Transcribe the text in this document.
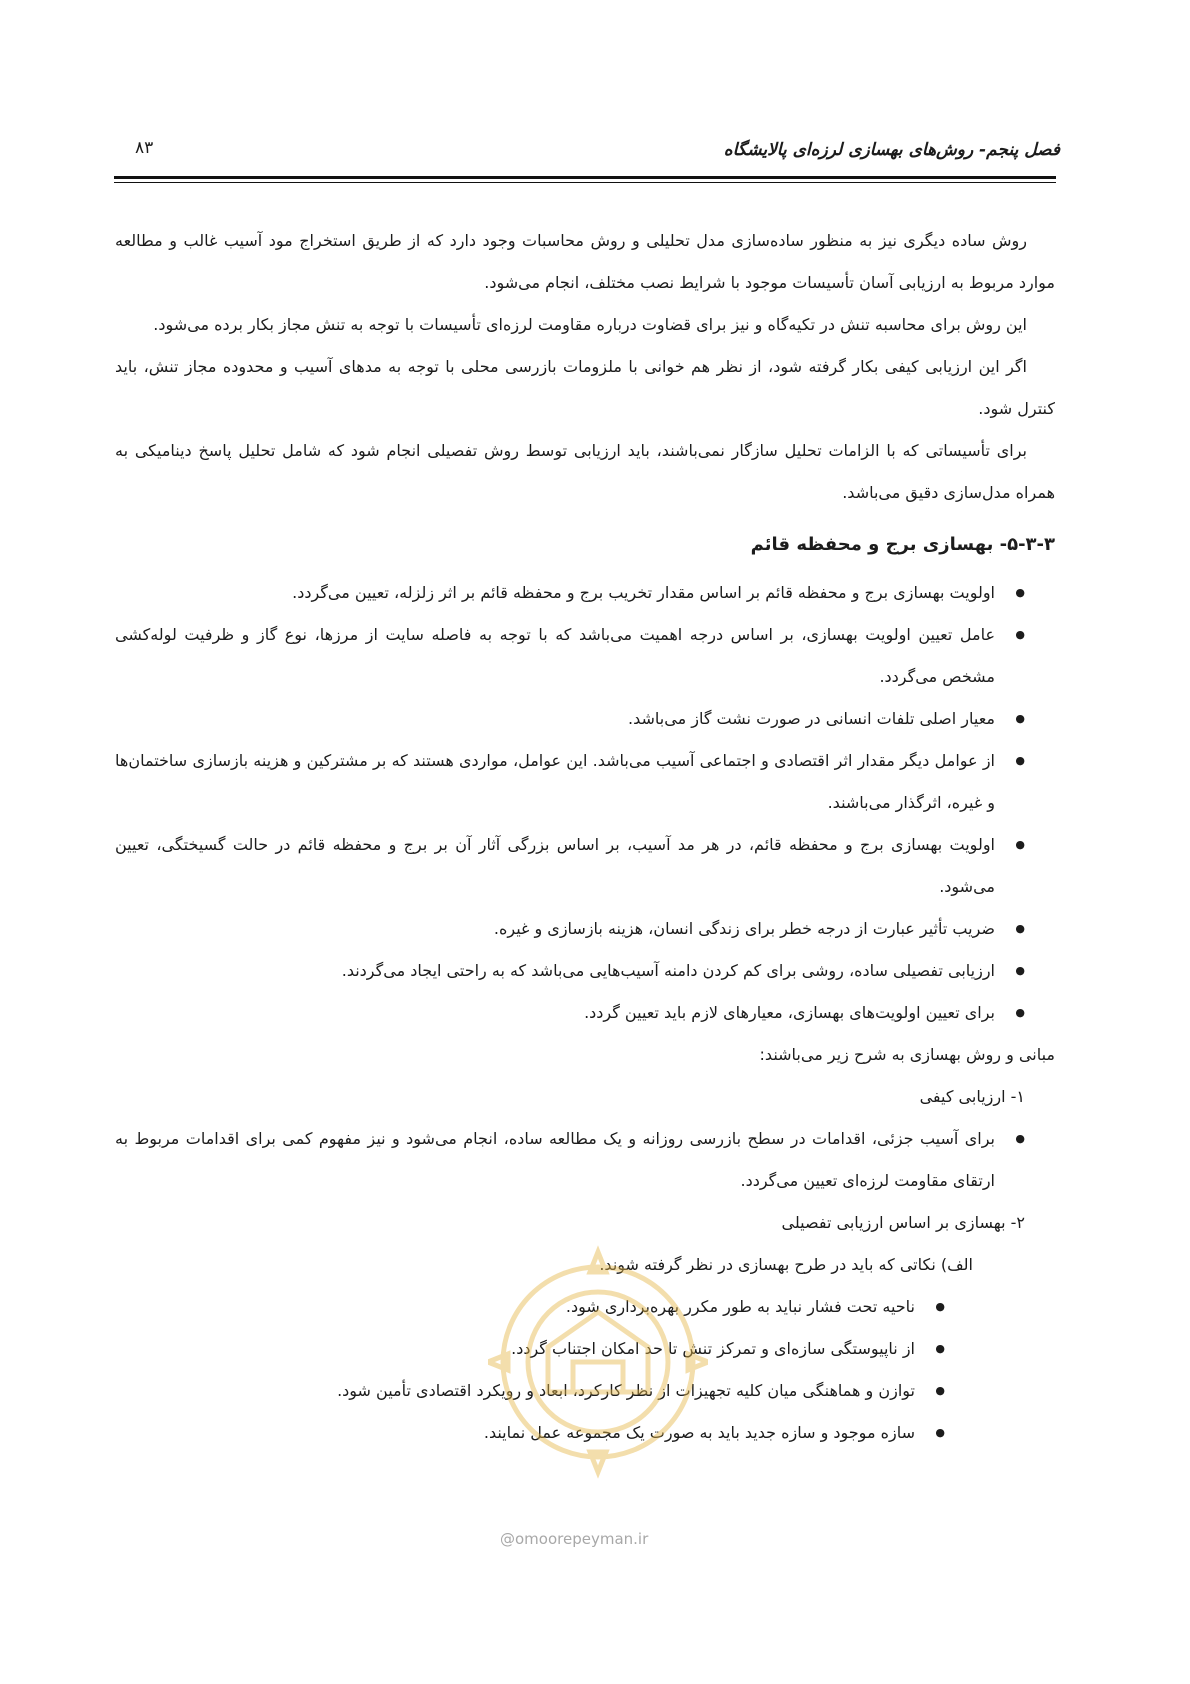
فصل پنجم- روش‌های بهسازی لرزه‌ای پالایشگاه
۸۳

روش ساده دیگری نیز به منظور ساده‌سازی مدل تحلیلی و روش محاسبات وجود دارد که از طریق استخراج مود آسیب غالب و مطالعه موارد مربوط به ارزیابی آسان تأسیسات موجود با شرایط نصب مختلف، انجام می‌شود.

این روش برای محاسبه تنش در تکیه‌گاه و نیز برای قضاوت درباره مقاومت لرزه‌ای تأسیسات با توجه به تنش مجاز بکار برده می‌شود.

اگر این ارزیابی کیفی بکار گرفته شود، از نظر هم خوانی با ملزومات بازرسی محلی با توجه به مدهای آسیب و محدوده مجاز تنش، باید کنترل شود.

برای تأسیساتی که با الزامات تحلیل سازگار نمی‌باشند، باید ارزیابی توسط روش تفصیلی انجام شود که شامل تحلیل پاسخ دینامیکی به همراه مدل‌سازی دقیق می‌باشد.

۵-۳-۳- بهسازی برج و محفظه قائم
● اولویت بهسازی برج و محفظه قائم بر اساس مقدار تخریب برج و محفظه قائم بر اثر زلزله، تعیین می‌گردد.
● عامل تعیین اولویت بهسازی، بر اساس درجه اهمیت می‌باشد که با توجه به فاصله سایت از مرزها، نوع گاز و ظرفیت لوله‌کشی مشخص می‌گردد.
● معیار اصلی تلفات انسانی در صورت نشت گاز می‌باشد.
● از عوامل دیگر مقدار اثر اقتصادی و اجتماعی آسیب می‌باشد. این عوامل، مواردی هستند که بر مشترکین و هزینه بازسازی ساختمان‌ها و غیره، اثرگذار می‌باشند.
● اولویت بهسازی برج و محفظه قائم، در هر مد آسیب، بر اساس بزرگی آثار آن بر برج و محفظه قائم در حالت گسیختگی، تعیین می‌شود.
● ضریب تأثیر عبارت از درجه خطر برای زندگی انسان، هزینه بازسازی و غیره.
● ارزیابی تفصیلی ساده، روشی برای کم کردن دامنه آسیب‌هایی می‌باشد که به راحتی ایجاد می‌گردند.
● برای تعیین اولویت‌های بهسازی، معیارهای لازم باید تعیین گردد.

مبانی و روش بهسازی به شرح زیر می‌باشند:

۱- ارزیابی کیفی

● برای آسیب جزئی، اقدامات در سطح بازرسی روزانه و یک مطالعه ساده، انجام می‌شود و نیز مفهوم کمی برای اقدامات مربوط به ارتقای مقاومت لرزه‌ای تعیین می‌گردد.

۲- بهسازی بر اساس ارزیابی تفصیلی

الف) نکاتی که باید در طرح بهسازی در نظر گرفته شوند.

● ناحیه تحت فشار نباید به طور مکرر بهره‌برداری شود.
● از ناپیوستگی سازه‌ای و تمرکز تنش تا حد امکان اجتناب گردد.
● توازن و هماهنگی میان کلیه تجهیزات از نظر کارکرد، ابعاد و رویکرد اقتصادی تأمین شود.
● سازه موجود و سازه جدید باید به صورت یک مجموعه عمل نمایند.
@omoorepeyman.ir
